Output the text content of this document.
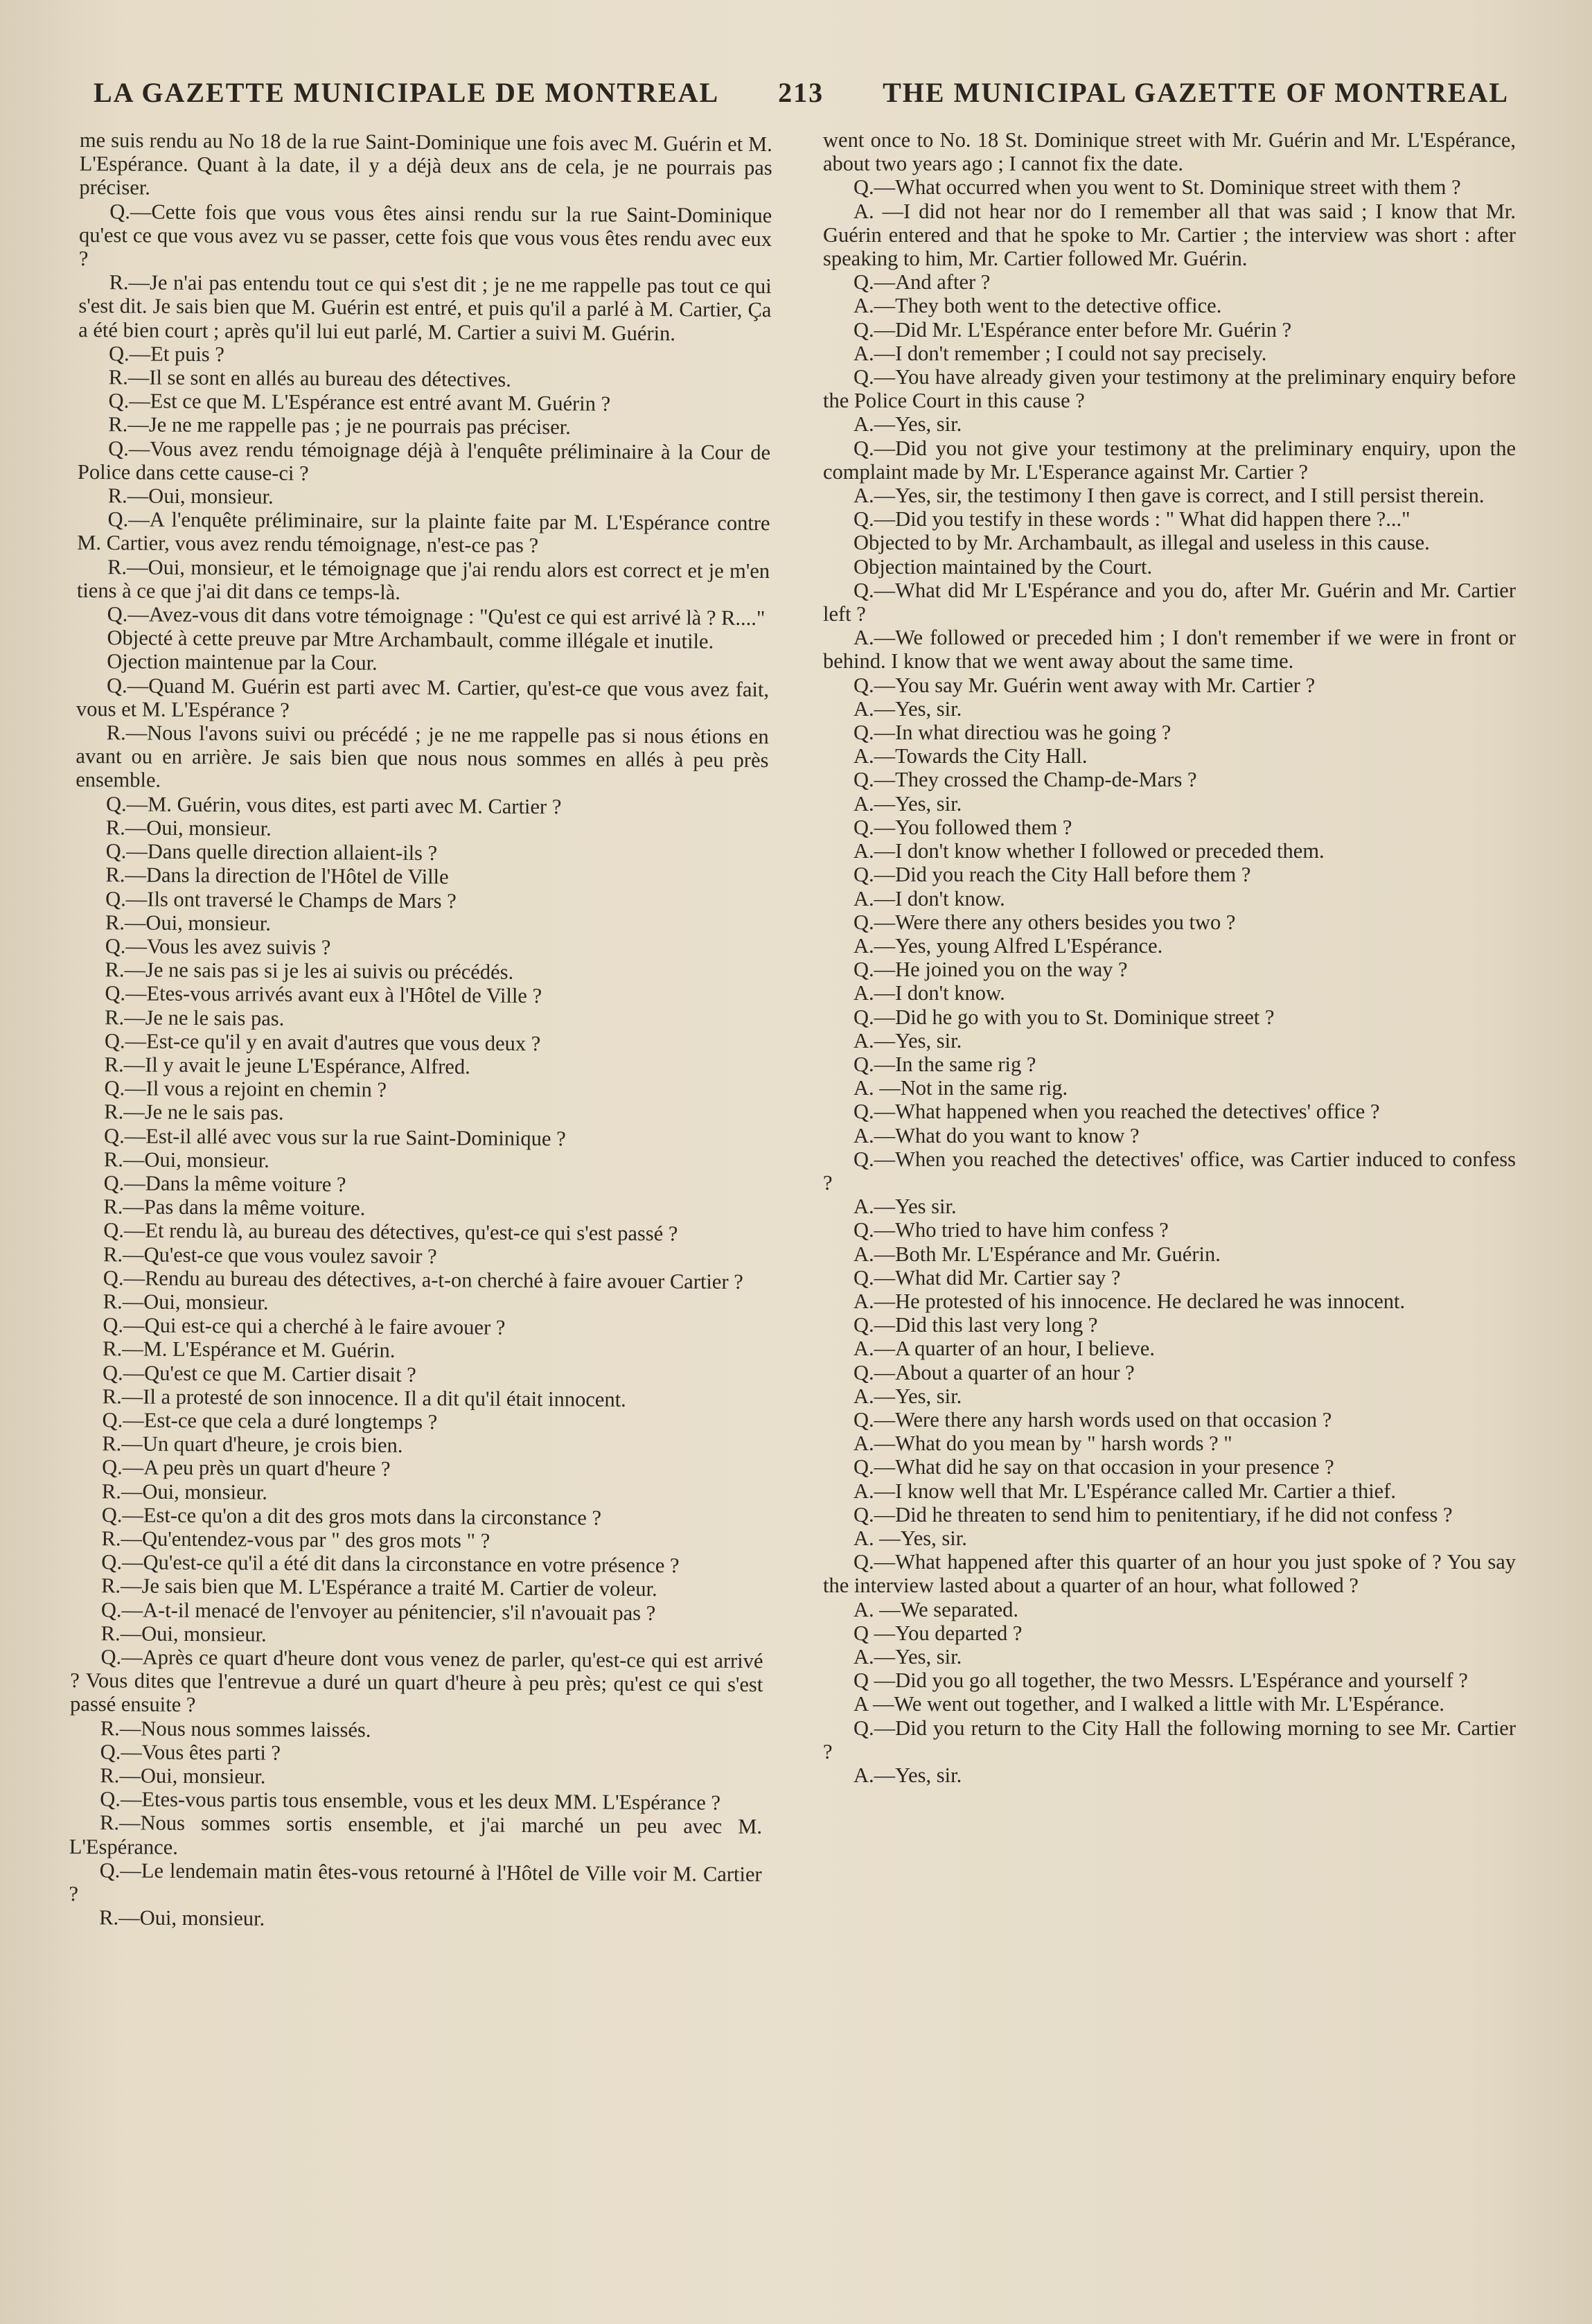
LA GAZETTE MUNICIPALE DE MONTREAL 213 THE MUNICIPAL GAZETTE OF MONTREAL

me suis rendu au No 18 de la rue Saint-Dominique une fois avec M. Guérin et M. L'Espérance. Quant à la date, il y a déjà deux ans de cela, je ne pourrais pas préciser.

Q.—Cette fois que vous vous êtes ainsi rendu sur la rue Saint-Dominique qu'est ce que vous avez vu se passer, cette fois que vous vous êtes rendu avec eux ?

R.—Je n'ai pas entendu tout ce qui s'est dit ; je ne me rappelle pas tout ce qui s'est dit. Je sais bien que M. Guérin est entré, et puis qu'il a parlé à M. Cartier, Ça a été bien court ; après qu'il lui eut parlé, M. Cartier a suivi M. Guérin.

Q.—Et puis ?

R.—Il se sont en allés au bureau des détectives.

Q.—Est ce que M. L'Espérance est entré avant M. Guérin ?

R.—Je ne me rappelle pas ; je ne pourrais pas préciser.

Q.—Vous avez rendu témoignage déjà à l'enquête préliminaire à la Cour de Police dans cette cause-ci ?

R.—Oui, monsieur.

Q.—A l'enquête préliminaire, sur la plainte faite par M. L'Espérance contre M. Cartier, vous avez rendu témoignage, n'est-ce pas ?

R.—Oui, monsieur, et le témoignage que j'ai rendu alors est correct et je m'en tiens à ce que j'ai dit dans ce temps-là.

Q.—Avez-vous dit dans votre témoignage : "Qu'est ce qui est arrivé là ? R...."

Objecté à cette preuve par Mtre Archambault, comme illégale et inutile.

Ojection maintenue par la Cour.

Q.—Quand M. Guérin est parti avec M. Cartier, qu'est-ce que vous avez fait, vous et M. L'Espérance ?

R.—Nous l'avons suivi ou précédé ; je ne me rappelle pas si nous étions en avant ou en arrière. Je sais bien que nous nous sommes en allés à peu près ensemble.

Q.—M. Guérin, vous dites, est parti avec M. Cartier ?

R.—Oui, monsieur.

Q.—Dans quelle direction allaient-ils ?

R.—Dans la direction de l'Hôtel de Ville

Q.—Ils ont traversé le Champs de Mars ?

R.—Oui, monsieur.

Q.—Vous les avez suivis ?

R.—Je ne sais pas si je les ai suivis ou précédés.

Q.—Etes-vous arrivés avant eux à l'Hôtel de Ville ?

R.—Je ne le sais pas.

Q.—Est-ce qu'il y en avait d'autres que vous deux ?

R.—Il y avait le jeune L'Espérance, Alfred.

Q.—Il vous a rejoint en chemin ?

R.—Je ne le sais pas.

Q.—Est-il allé avec vous sur la rue Saint-Dominique ?

R.—Oui, monsieur.

Q.—Dans la même voiture ?

R.—Pas dans la même voiture.

Q.—Et rendu là, au bureau des détectives, qu'est-ce qui s'est passé ?

R.—Qu'est-ce que vous voulez savoir ?

Q.—Rendu au bureau des détectives, a-t-on cherché à faire avouer Cartier ?

R.—Oui, monsieur.

Q.—Qui est-ce qui a cherché à le faire avouer ?

R.—M. L'Espérance et M. Guérin.

Q.—Qu'est ce que M. Cartier disait ?

R.—Il a protesté de son innocence. Il a dit qu'il était innocent.

Q.—Est-ce que cela a duré longtemps ?

R.—Un quart d'heure, je crois bien.

Q.—A peu près un quart d'heure ?

R.—Oui, monsieur.

Q.—Est-ce qu'on a dit des gros mots dans la circonstance ?

R.—Qu'entendez-vous par " des gros mots " ?

Q.—Qu'est-ce qu'il a été dit dans la circonstance en votre présence ?

R.—Je sais bien que M. L'Espérance a traité M. Cartier de voleur.

Q.—A-t-il menacé de l'envoyer au pénitencier, s'il n'avouait pas ?

R.—Oui, monsieur.

Q.—Après ce quart d'heure dont vous venez de parler, qu'est-ce qui est arrivé ? Vous dites que l'entrevue a duré un quart d'heure à peu près; qu'est ce qui s'est passé ensuite ?

R.—Nous nous sommes laissés.

Q.—Vous êtes parti ?

R.—Oui, monsieur.

Q.—Etes-vous partis tous ensemble, vous et les deux MM. L'Espérance ?

R.—Nous sommes sortis ensemble, et j'ai marché un peu avec M. L'Espérance.

Q.—Le lendemain matin êtes-vous retourné à l'Hôtel de Ville voir M. Cartier ?

R.—Oui, monsieur.

went once to No. 18 St. Dominique street with Mr. Guérin and Mr. L'Espérance, about two years ago ; I cannot fix the date.

Q.—What occurred when you went to St. Dominique street with them ?

A. —I did not hear nor do I remember all that was said ; I know that Mr. Guérin entered and that he spoke to Mr. Cartier ; the interview was short : after speaking to him, Mr. Cartier followed Mr. Guérin.

Q.—And after ?

A.—They both went to the detective office.

Q.—Did Mr. L'Espérance enter before Mr. Guérin ?

A.—I don't remember ; I could not say precisely.

Q.—You have already given your testimony at the preliminary enquiry before the Police Court in this cause ?

A.—Yes, sir.

Q.—Did you not give your testimony at the preliminary enquiry, upon the complaint made by Mr. L'Esperance against Mr. Cartier ?

A.—Yes, sir, the testimony I then gave is correct, and I still persist therein.

Q.—Did you testify in these words : " What did happen there ?..."

Objected to by Mr. Archambault, as illegal and useless in this cause.

Objection maintained by the Court.

Q.—What did Mr L'Espérance and you do, after Mr. Guérin and Mr. Cartier left ?

A.—We followed or preceded him ; I don't remember if we were in front or behind. I know that we went away about the same time.

Q.—You say Mr. Guérin went away with Mr. Cartier ?

A.—Yes, sir.

Q.—In what directiou was he going ?

A.—Towards the City Hall.

Q.—They crossed the Champ-de-Mars ?

A.—Yes, sir.

Q.—You followed them ?

A.—I don't know whether I followed or preceded them.

Q.—Did you reach the City Hall before them ?

A.—I don't know.

Q.—Were there any others besides you two ?

A.—Yes, young Alfred L'Espérance.

Q.—He joined you on the way ?

A.—I don't know.

Q.—Did he go with you to St. Dominique street ?

A.—Yes, sir.

Q.—In the same rig ?

A. —Not in the same rig.

Q.—What happened when you reached the detectives' office ?

A.—What do you want to know ?

Q.—When you reached the detectives' office, was Cartier induced to confess ?

A.—Yes sir.

Q.—Who tried to have him confess ?

A.—Both Mr. L'Espérance and Mr. Guérin.

Q.—What did Mr. Cartier say ?

A.—He protested of his innocence. He declared he was innocent.

Q.—Did this last very long ?

A.—A quarter of an hour, I believe.

Q.—About a quarter of an hour ?

A.—Yes, sir.

Q.—Were there any harsh words used on that occasion ?

A.—What do you mean by " harsh words ? "

Q.—What did he say on that occasion in your presence ?

A.—I know well that Mr. L'Espérance called Mr. Cartier a thief.

Q.—Did he threaten to send him to penitentiary, if he did not confess ?

A. —Yes, sir.

Q.—What happened after this quarter of an hour you just spoke of ? You say the interview lasted about a quarter of an hour, what followed ?

A. —We separated.

Q —You departed ?

A.—Yes, sir.

Q —Did you go all together, the two Messrs. L'Espérance and yourself ?

A —We went out together, and I walked a little with Mr. L'Espérance.

Q.—Did you return to the City Hall the following morning to see Mr. Cartier ?

A.—Yes, sir.
